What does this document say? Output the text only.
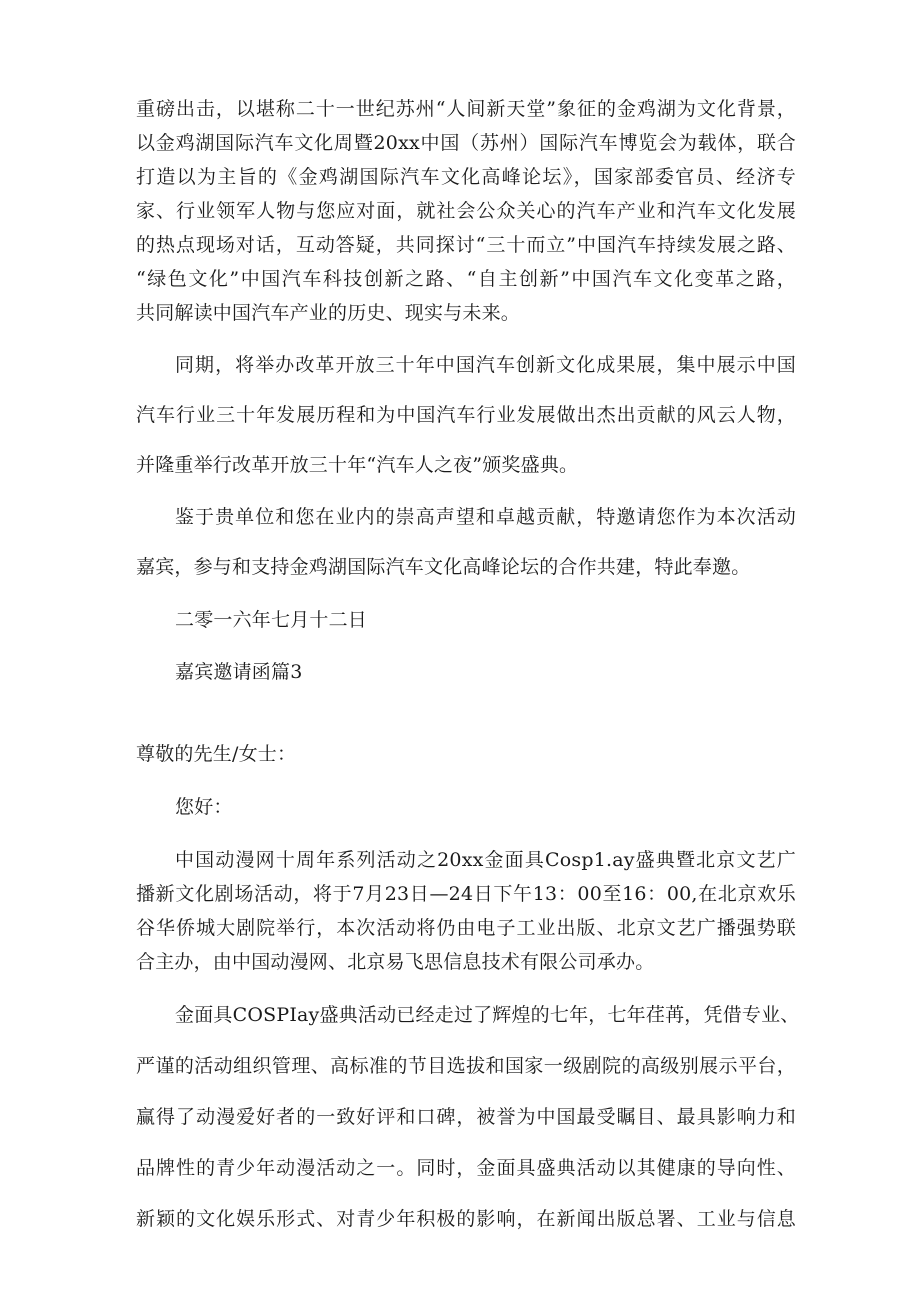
重磅出击，以堪称二十一世纪苏州“人间新天堂”象征的金鸡湖为文化背景，
以金鸡湖国际汽车文化周暨20xx中国（苏州）国际汽车博览会为载体，联合
打造以为主旨的《金鸡湖国际汽车文化高峰论坛》，国家部委官员、经济专
家、行业领军人物与您应对面，就社会公众关心的汽车产业和汽车文化发展
的热点现场对话，互动答疑，共同探讨“三十而立”中国汽车持续发展之路、
“绿色文化”中国汽车科技创新之路、“自主创新”中国汽车文化变革之路，
共同解读中国汽车产业的历史、现实与未来。
同期，将举办改革开放三十年中国汽车创新文化成果展，集中展示中国
汽车行业三十年发展历程和为中国汽车行业发展做出杰出贡献的风云人物，
并隆重举行改革开放三十年“汽车人之夜”颁奖盛典。
鉴于贵单位和您在业内的崇高声望和卓越贡献，特邀请您作为本次活动
嘉宾，参与和支持金鸡湖国际汽车文化高峰论坛的合作共建，特此奉邀。
二零一六年七月十二日
嘉宾邀请函篇3
尊敬的先生/女士：
您好：
中国动漫网十周年系列活动之20xx金面具Cosp1.ay盛典暨北京文艺广
播新文化剧场活动，将于7月23日—24日下午13：00至16：00,在北京欢乐
谷华侨城大剧院举行，本次活动将仍由电子工业出版、北京文艺广播强势联
合主办，由中国动漫网、北京易飞思信息技术有限公司承办。
金面具COSPIay盛典活动已经走过了辉煌的七年，七年荏苒，凭借专业、
严谨的活动组织管理、高标准的节目选拔和国家一级剧院的高级别展示平台，
赢得了动漫爱好者的一致好评和口碑，被誉为中国最受瞩目、最具影响力和
品牌性的青少年动漫活动之一。同时，金面具盛典活动以其健康的导向性、
新颖的文化娱乐形式、对青少年积极的影响，在新闻出版总署、工业与信息
